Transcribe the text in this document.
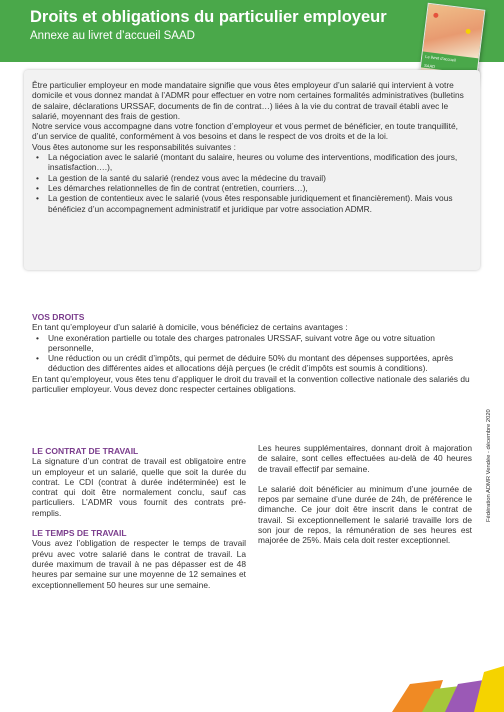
Droits et obligations du particulier employeur
Annexe au livret d’accueil SAAD
Le livret d’accueil
SAAD

Être particulier employeur en mode mandataire signifie que vous êtes employeur d’un salarié qui intervient à votre domicile et vous donnez mandat à l’ADMR pour effectuer en votre nom certaines formalités administratives (bulletins de salaire, déclarations URSSAF, documents de fin de contrat…) liées à la vie du contrat de travail établi avec le salarié, moyennant des frais de gestion.

Notre service vous accompagne dans votre fonction d’employeur et vous permet de bénéficier, en toute tranquillité, d’un service de qualité, conformément à vos besoins et dans le respect de vos droits et de la loi.

Vous êtes autonome sur les responsabilités suivantes :

• La négociation avec le salarié (montant du salaire, heures ou volume des interventions, modification des jours, insatisfaction….),
• La gestion de la santé du salarié (rendez vous avec la médecine du travail)
• Les démarches relationnelles de fin de contrat (entretien, courriers…),
• La gestion de contentieux avec le salarié (vous êtes responsable juridiquement et financièrement). Mais vous bénéficiez d’un accompagnement administratif et juridique par votre association ADMR.
VOS DROITS

En tant qu’employeur d’un salarié à domicile, vous bénéficiez de certains avantages :

• Une exonération partielle ou totale des charges patronales URSSAF, suivant votre âge ou votre situation personnelle,
• Une réduction ou un crédit d’impôts, qui permet de déduire 50% du montant des dépenses supportées, après déduction des différentes aides et allocations déjà perçues (le crédit d’impôts est soumis à conditions).

En tant qu’employeur, vous êtes tenu d’appliquer le droit du travail et la convention collective nationale des salariés du particulier employeur. Vous devez donc respecter certaines obligations.

LE CONTRAT DE TRAVAIL

La signature d’un contrat de travail est obligatoire entre un employeur et un salarié, quelle que soit la durée du contrat. Le CDI (contrat à durée indéterminée) est le contrat qui doit être normalement conclu, sauf cas particuliers. L’ADMR vous fournit des contrats pré- remplis.

LE TEMPS DE TRAVAIL

Vous avez l’obligation de respecter le temps de travail prévu avec votre salarié dans le contrat de travail. La durée maximum de travail à ne pas dépasser est de 48 heures par semaine sur une moyenne de 12 semaines et exceptionnellement 50 heures sur une semaine.

Les heures supplémentaires, donnant droit à majoration de salaire, sont celles effectuées au-delà de 40 heures de travail effectif par semaine.

Le salarié doit bénéficier au minimum d’une journée de repos par semaine d’une durée de 24h, de préférence le dimanche. Ce jour doit être inscrit dans le contrat de travail. Si exceptionnellement le salarié travaille lors de son jour de repos, la rémunération de ses heures est majorée de 25%. Mais cela doit rester exceptionnel.

Fédération ADMR Vendée - décembre 2020
